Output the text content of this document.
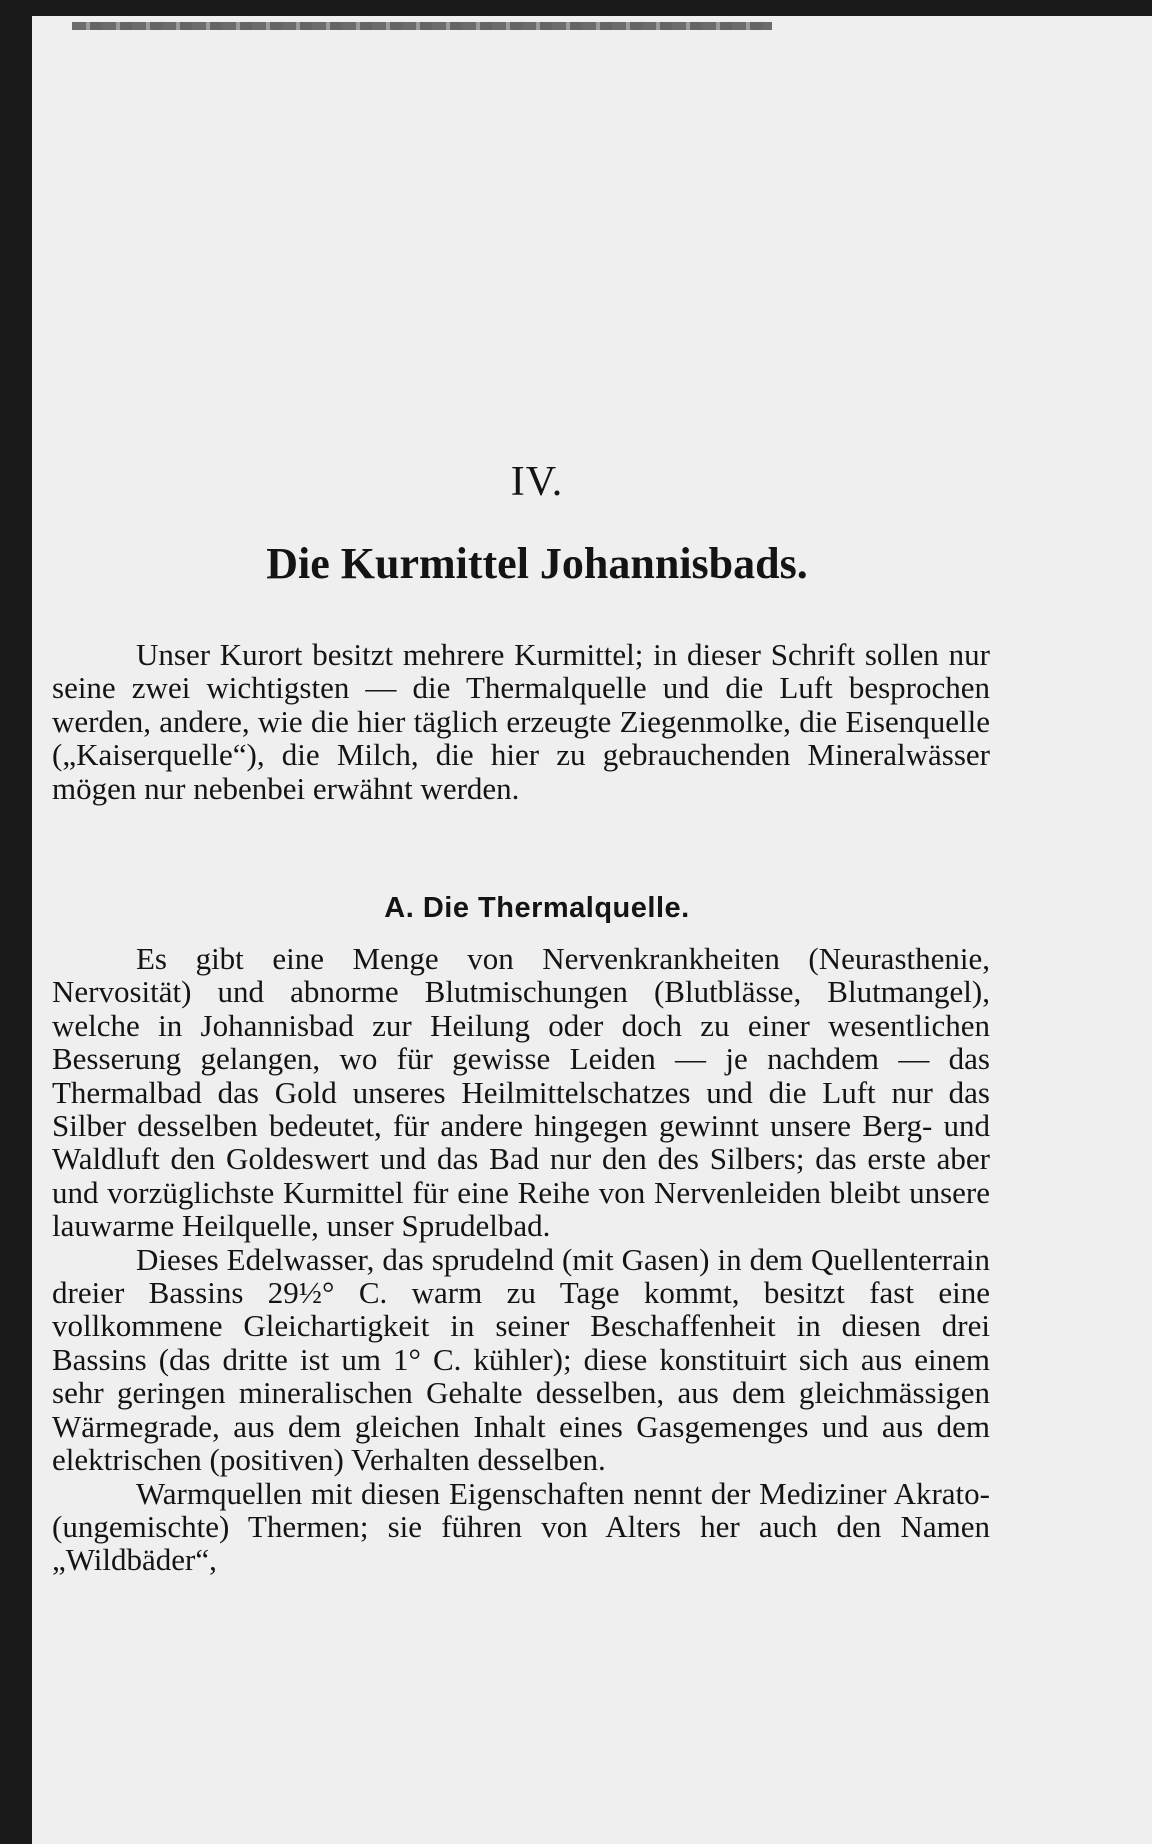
IV.
Die Kurmittel Johannisbads.

Unser Kurort besitzt mehrere Kurmittel; in dieser Schrift sollen nur seine zwei wichtigsten — die Thermalquelle und die Luft besprochen werden, andere, wie die hier täglich erzeugte Ziegenmolke, die Eisenquelle („Kaiserquelle“), die Milch, die hier zu gebrauchenden Mineralwässer mögen nur nebenbei erwähnt werden.

A. Die Thermalquelle.

Es gibt eine Menge von Nervenkrankheiten (Neurasthenie, Nervosität) und abnorme Blutmischungen (Blutblässe, Blutmangel), welche in Johannisbad zur Heilung oder doch zu einer wesentlichen Besserung gelangen, wo für gewisse Leiden — je nachdem — das Thermalbad das Gold unseres Heilmittelschatzes und die Luft nur das Silber desselben bedeutet, für andere hingegen gewinnt unsere Berg- und Waldluft den Goldeswert und das Bad nur den des Silbers; das erste aber und vorzüglichste Kurmittel für eine Reihe von Nervenleiden bleibt unsere lauwarme Heilquelle, unser Sprudelbad.

Dieses Edelwasser, das sprudelnd (mit Gasen) in dem Quellenterrain dreier Bassins 29½° C. warm zu Tage kommt, besitzt fast eine vollkommene Gleichartigkeit in seiner Beschaffenheit in diesen drei Bassins (das dritte ist um 1° C. kühler); diese konstituirt sich aus einem sehr geringen mineralischen Gehalte desselben, aus dem gleichmässigen Wärmegrade, aus dem gleichen Inhalt eines Gasgemenges und aus dem elektrischen (positiven) Verhalten desselben.

Warmquellen mit diesen Eigenschaften nennt der Mediziner Akrato- (ungemischte) Thermen; sie führen von Alters her auch den Namen „Wildbäder“,
